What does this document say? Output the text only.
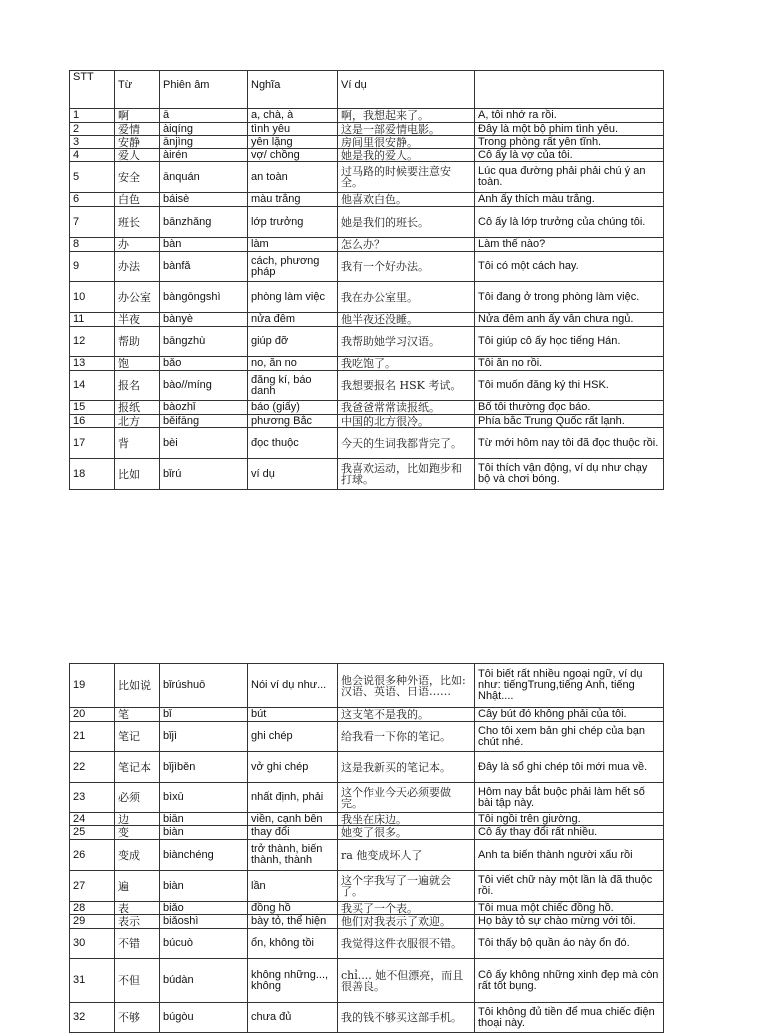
STT	Từ	Phiên âm	Nghĩa	Ví dụ	
1	啊	ā	a, chà, à	啊，我想起来了。	A, tôi nhớ ra rồi.
2	爱情	àiqíng	tình yêu	这是一部爱情电影。	Đây là một bộ phim tình yêu.
3	安静	ānjìng	yên lặng	房间里很安静。	Trong phòng rất yên tĩnh.
4	爱人	àirén	vợ/ chồng	她是我的爱人。	Cô ấy là vợ của tôi.
5	安全	ānquán	an toàn	过马路的时候要注意安全。	Lúc qua đường phải phải chú ý an toàn.
6	白色	báisè	màu trắng	他喜欢白色。	Anh ấy thích màu trắng.
7	班长	bānzhǎng	lớp trưởng	她是我们的班长。	Cô ấy là lớp trưởng của chúng tôi.
8	办	bàn	làm	怎么办？	Làm thế nào?
9	办法	bànfǎ	cách, phương pháp	我有一个好办法。	Tôi có một cách hay.
10	办公室	bàngōngshì	phòng làm việc	我在办公室里。	Tôi đang ở trong phòng làm việc.
11	半夜	bànyè	nửa đêm	他半夜还没睡。	Nửa đêm anh ấy vẫn chưa ngủ.
12	帮助	bāngzhù	giúp đỡ	我帮助她学习汉语。	Tôi giúp cô ấy học tiếng Hán.
13	饱	bǎo	no, ăn no	我吃饱了。	Tôi ăn no rồi.
14	报名	bào//míng	đăng kí, báo danh	我想要报名 HSK 考试。	Tôi muốn đăng ký thi HSK.
15	报纸	bàozhǐ	báo (giấy)	我爸爸常常读报纸。	Bố tôi thường đọc báo.
16	北方	běifāng	phương Bắc	中国的北方很冷。	Phía bắc Trung Quốc rất lạnh.
17	背	bèi	đọc thuộc	今天的生词我都背完了。	Từ mới hôm nay tôi đã đọc thuộc rồi.
18	比如	bǐrú	ví dụ	我喜欢运动，比如跑步和打球。	Tôi thích vận động, ví dụ như chạy bộ và chơi bóng.
19	比如说	bǐrúshuō	Nói ví dụ như...	他会说很多种外语，比如:汉语、英语、日语……	Tôi biết rất nhiều ngoại ngữ, ví dụ như: tiếngTrung,tiếng Anh, tiếng Nhật....
20	笔	bǐ	bút	这支笔不是我的。	Cây bút đó không phải của tôi.
21	笔记	bǐjì	ghi chép	给我看一下你的笔记。	Cho tôi xem bản ghi chép của bạn chút nhé.
22	笔记本	bǐjìběn	vở ghi chép	这是我新买的笔记本。	Đây là sổ ghi chép tôi mới mua về.
23	必须	bìxū	nhất định, phải	这个作业今天必须要做完。	Hôm nay bắt buộc phải làm hết số bài tập này.
24	边	biān	viền, cạnh bên	我坐在床边。	Tôi ngồi trên giường.
25	变	biàn	thay đổi	她变了很多。	Cô ấy thay đổi rất nhiều.
26	变成	biànchéng	trở thành, biến thành, thành	ra 他变成坏人了	Anh ta biến thành người xấu rồi
27	遍	biàn	lần	这个字我写了一遍就会了。	Tôi viết chữ này một lần là đã thuộc rồi.
28	表	biǎo	đồng hồ	我买了一个表。	Tôi mua một chiếc đồng hồ.
29	表示	biǎoshì	bày tỏ, thể hiện	他们对我表示了欢迎。	Họ bày tỏ sự chào mừng với tôi.
30	不错	búcuò	ổn, không tồi	我觉得这件衣服很不错。	Tôi thấy bộ quần áo này ổn đó.
31	不但	búdàn	không những..., không	chỉ.... 她不但漂亮，而且很善良。	Cô ấy không những xinh đẹp mà còn rất tốt bụng.
32	不够	búgòu	chưa đủ	我的钱不够买这部手机。	Tôi không đủ tiền để mua chiếc điện thoại này.
